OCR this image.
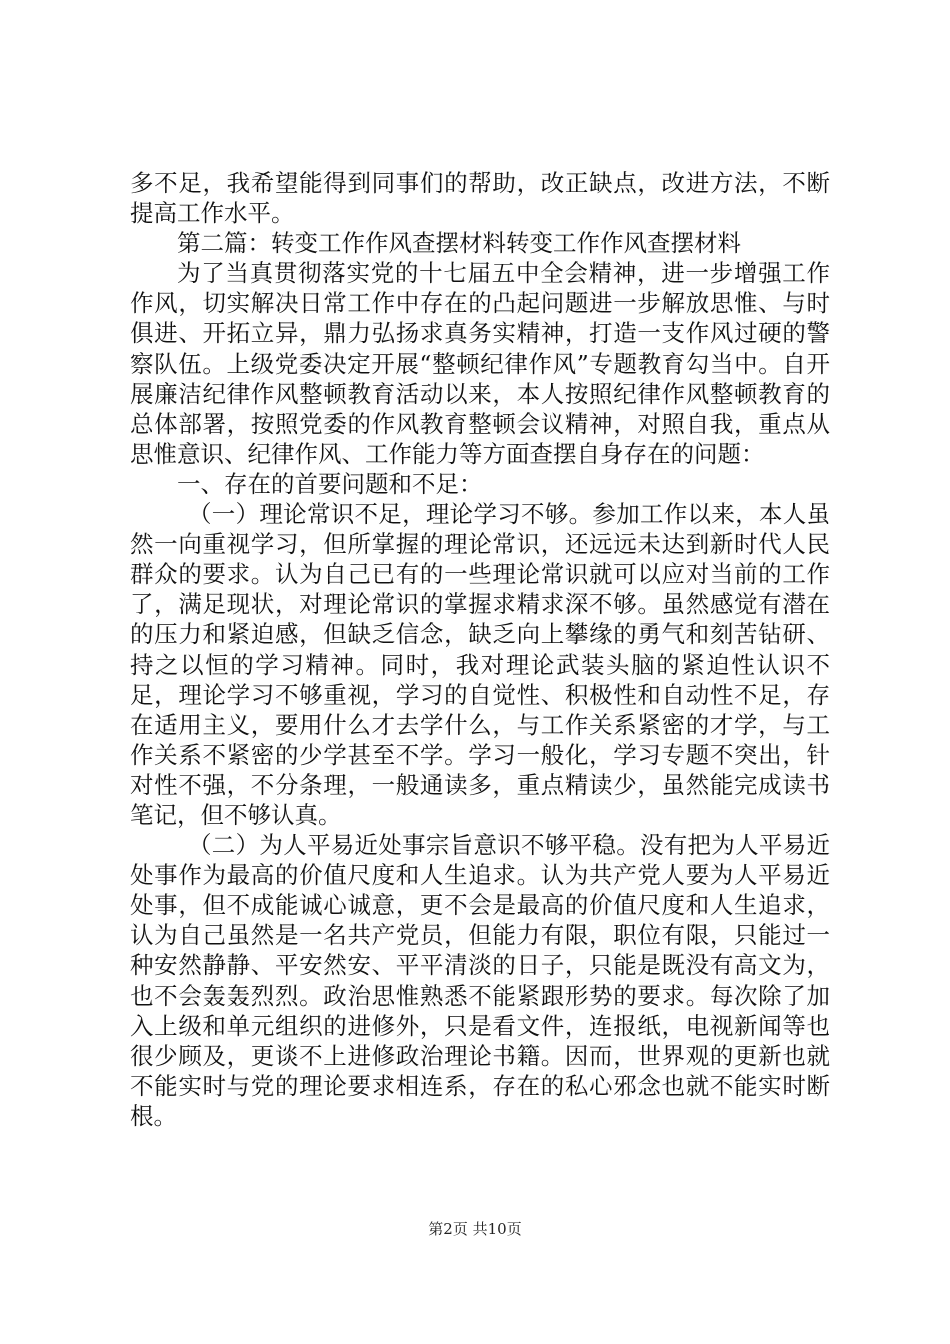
多不足，我希望能得到同事们的帮助，改正缺点，改进方法，不断提高工作水平。

第二篇：转变工作作风查摆材料转变工作作风查摆材料

为了当真贯彻落实党的十七届五中全会精神，进一步增强工作作风，切实解决日常工作中存在的凸起问题进一步解放思惟、与时俱进、开拓立异，鼎力弘扬求真务实精神，打造一支作风过硬的警察队伍。上级党委决定开展“整顿纪律作风”专题教育勾当中。自开展廉洁纪律作风整顿教育活动以来，本人按照纪律作风整顿教育的总体部署，按照党委的作风教育整顿会议精神，对照自我，重点从思惟意识、纪律作风、工作能力等方面查摆自身存在的问题：

一、存在的首要问题和不足：

（一）理论常识不足，理论学习不够。参加工作以来，本人虽然一向重视学习，但所掌握的理论常识，还远远未达到新时代人民群众的要求。认为自己已有的一些理论常识就可以应对当前的工作了，满足现状，对理论常识的掌握求精求深不够。虽然感觉有潜在的压力和紧迫感，但缺乏信念，缺乏向上攀缘的勇气和刻苦钻研、持之以恒的学习精神。同时，我对理论武装头脑的紧迫性认识不足，理论学习不够重视，学习的自觉性、积极性和自动性不足，存在适用主义，要用什么才去学什么，与工作关系紧密的才学，与工作关系不紧密的少学甚至不学。学习一般化，学习专题不突出，针对性不强，不分条理，一般通读多，重点精读少，虽然能完成读书笔记，但不够认真。

（二）为人平易近处事宗旨意识不够平稳。没有把为人平易近处事作为最高的价值尺度和人生追求。认为共产党人要为人平易近处事，但不成能诚心诚意，更不会是最高的价值尺度和人生追求，认为自己虽然是一名共产党员，但能力有限，职位有限，只能过一种安然静静、平安然安、平平清淡的日子，只能是既没有高文为，也不会轰轰烈烈。政治思惟熟悉不能紧跟形势的要求。每次除了加入上级和单元组织的进修外，只是看文件，连报纸，电视新闻等也很少顾及，更谈不上进修政治理论书籍。因而，世界观的更新也就不能实时与党的理论要求相连系，存在的私心邪念也就不能实时断根。

第2页 共10页
